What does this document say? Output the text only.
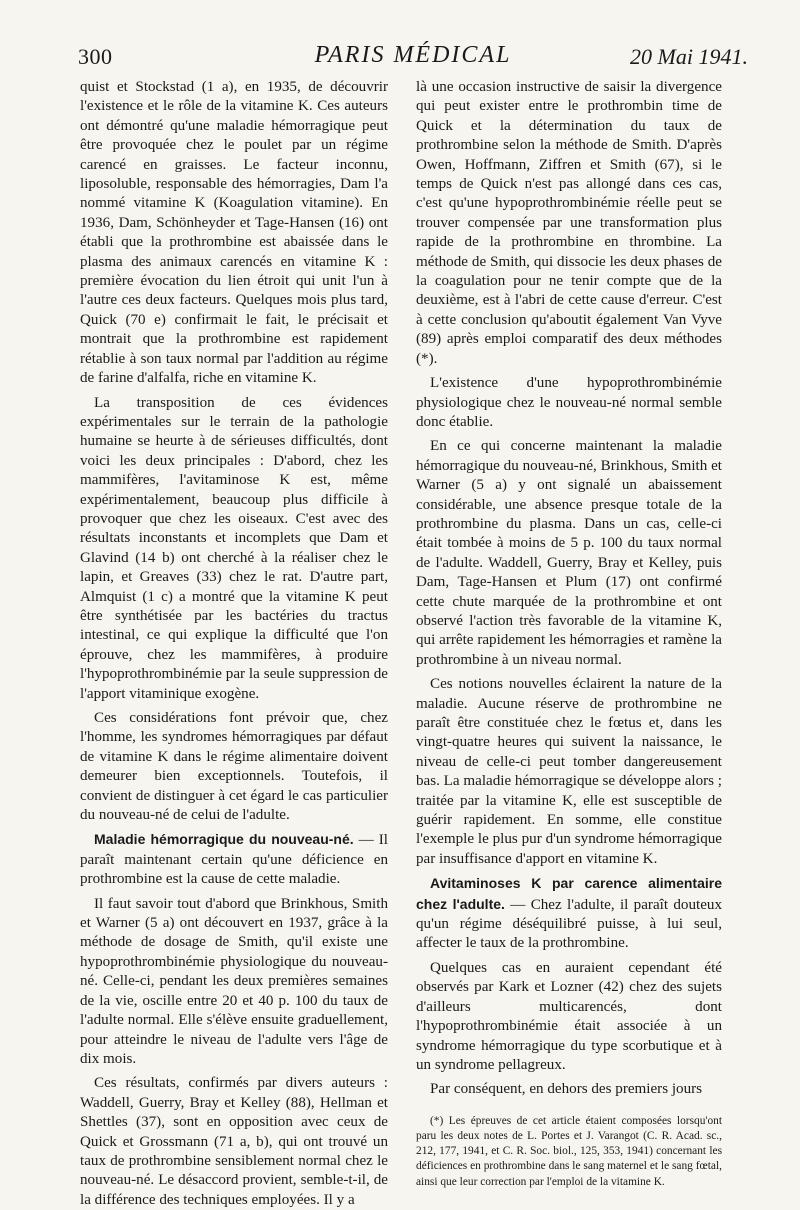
300	PARIS MÉDICAL	20 Mai 1941.

quist et Stockstad (1 a), en 1935, de découvrir l'existence et le rôle de la vitamine K. Ces auteurs ont démontré qu'une maladie hémorragique peut être provoquée chez le poulet par un régime carencé en graisses. Le facteur inconnu, liposoluble, responsable des hémorragies, Dam l'a nommé vitamine K (Koagulation vitamine). En 1936, Dam, Schönheyder et Tage-Hansen (16) ont établi que la prothrombine est abaissée dans le plasma des animaux carencés en vitamine K : première évocation du lien étroit qui unit l'un à l'autre ces deux facteurs. Quelques mois plus tard, Quick (70 e) confirmait le fait, le précisait et montrait que la prothrombine est rapidement rétablie à son taux normal par l'addition au régime de farine d'alfalfa, riche en vitamine K.

La transposition de ces évidences expérimentales sur le terrain de la pathologie humaine se heurte à de sérieuses difficultés, dont voici les deux principales : D'abord, chez les mammifères, l'avitaminose K est, même expérimentalement, beaucoup plus difficile à provoquer que chez les oiseaux. C'est avec des résultats inconstants et incomplets que Dam et Glavind (14 b) ont cherché à la réaliser chez le lapin, et Greaves (33) chez le rat. D'autre part, Almquist (1 c) a montré que la vitamine K peut être synthétisée par les bactéries du tractus intestinal, ce qui explique la difficulté que l'on éprouve, chez les mammifères, à produire l'hypoprothrombinémie par la seule suppression de l'apport vitaminique exogène.

Ces considérations font prévoir que, chez l'homme, les syndromes hémorragiques par défaut de vitamine K dans le régime alimentaire doivent demeurer bien exceptionnels. Toutefois, il convient de distinguer à cet égard le cas particulier du nouveau-né de celui de l'adulte.

Maladie hémorragique du nouveau-né. — Il paraît maintenant certain qu'une déficience en prothrombine est la cause de cette maladie.

Il faut savoir tout d'abord que Brinkhous, Smith et Warner (5 a) ont découvert en 1937, grâce à la méthode de dosage de Smith, qu'il existe une hypoprothrombinémie physiologique du nouveau-né. Celle-ci, pendant les deux premières semaines de la vie, oscille entre 20 et 40 p. 100 du taux de l'adulte normal. Elle s'élève ensuite graduellement, pour atteindre le niveau de l'adulte vers l'âge de dix mois.

Ces résultats, confirmés par divers auteurs : Waddell, Guerry, Bray et Kelley (88), Hellman et Shettles (37), sont en opposition avec ceux de Quick et Grossmann (71 a, b), qui ont trouvé un taux de prothrombine sensiblement normal chez le nouveau-né. Le désaccord provient, semble-t-il, de la différence des techniques employées. Il y a

là une occasion instructive de saisir la divergence qui peut exister entre le prothrombin time de Quick et la détermination du taux de prothrombine selon la méthode de Smith. D'après Owen, Hoffmann, Ziffren et Smith (67), si le temps de Quick n'est pas allongé dans ces cas, c'est qu'une hypoprothrombinémie réelle peut se trouver compensée par une transformation plus rapide de la prothrombine en thrombine. La méthode de Smith, qui dissocie les deux phases de la coagulation pour ne tenir compte que de la deuxième, est à l'abri de cette cause d'erreur. C'est à cette conclusion qu'aboutit également Van Vyve (89) après emploi comparatif des deux méthodes (*).

L'existence d'une hypoprothrombinémie physiologique chez le nouveau-né normal semble donc établie.

En ce qui concerne maintenant la maladie hémorragique du nouveau-né, Brinkhous, Smith et Warner (5 a) y ont signalé un abaissement considérable, une absence presque totale de la prothrombine du plasma. Dans un cas, celle-ci était tombée à moins de 5 p. 100 du taux normal de l'adulte. Waddell, Guerry, Bray et Kelley, puis Dam, Tage-Hansen et Plum (17) ont confirmé cette chute marquée de la prothrombine et ont observé l'action très favorable de la vitamine K, qui arrête rapidement les hémorragies et ramène la prothrombine à un niveau normal.

Ces notions nouvelles éclairent la nature de la maladie. Aucune réserve de prothrombine ne paraît être constituée chez le fœtus et, dans les vingt-quatre heures qui suivent la naissance, le niveau de celle-ci peut tomber dangereusement bas. La maladie hémorragique se développe alors ; traitée par la vitamine K, elle est susceptible de guérir rapidement. En somme, elle constitue l'exemple le plus pur d'un syndrome hémorragique par insuffisance d'apport en vitamine K.

Avitaminoses K par carence alimentaire chez l'adulte. — Chez l'adulte, il paraît douteux qu'un régime déséquilibré puisse, à lui seul, affecter le taux de la prothrombine.

Quelques cas en auraient cependant été observés par Kark et Lozner (42) chez des sujets d'ailleurs multicarencés, dont l'hypoprothrombinémie était associée à un syndrome hémorragique du type scorbutique et à un syndrome pellagreux.

Par conséquent, en dehors des premiers jours

(*) Les épreuves de cet article étaient composées lorsqu'ont paru les deux notes de L. Portes et J. Varangot (C. R. Acad. sc., 212, 177, 1941, et C. R. Soc. biol., 125, 353, 1941) concernant les déficiences en prothrombine dans le sang maternel et le sang fœtal, ainsi que leur correction par l'emploi de la vitamine K.
